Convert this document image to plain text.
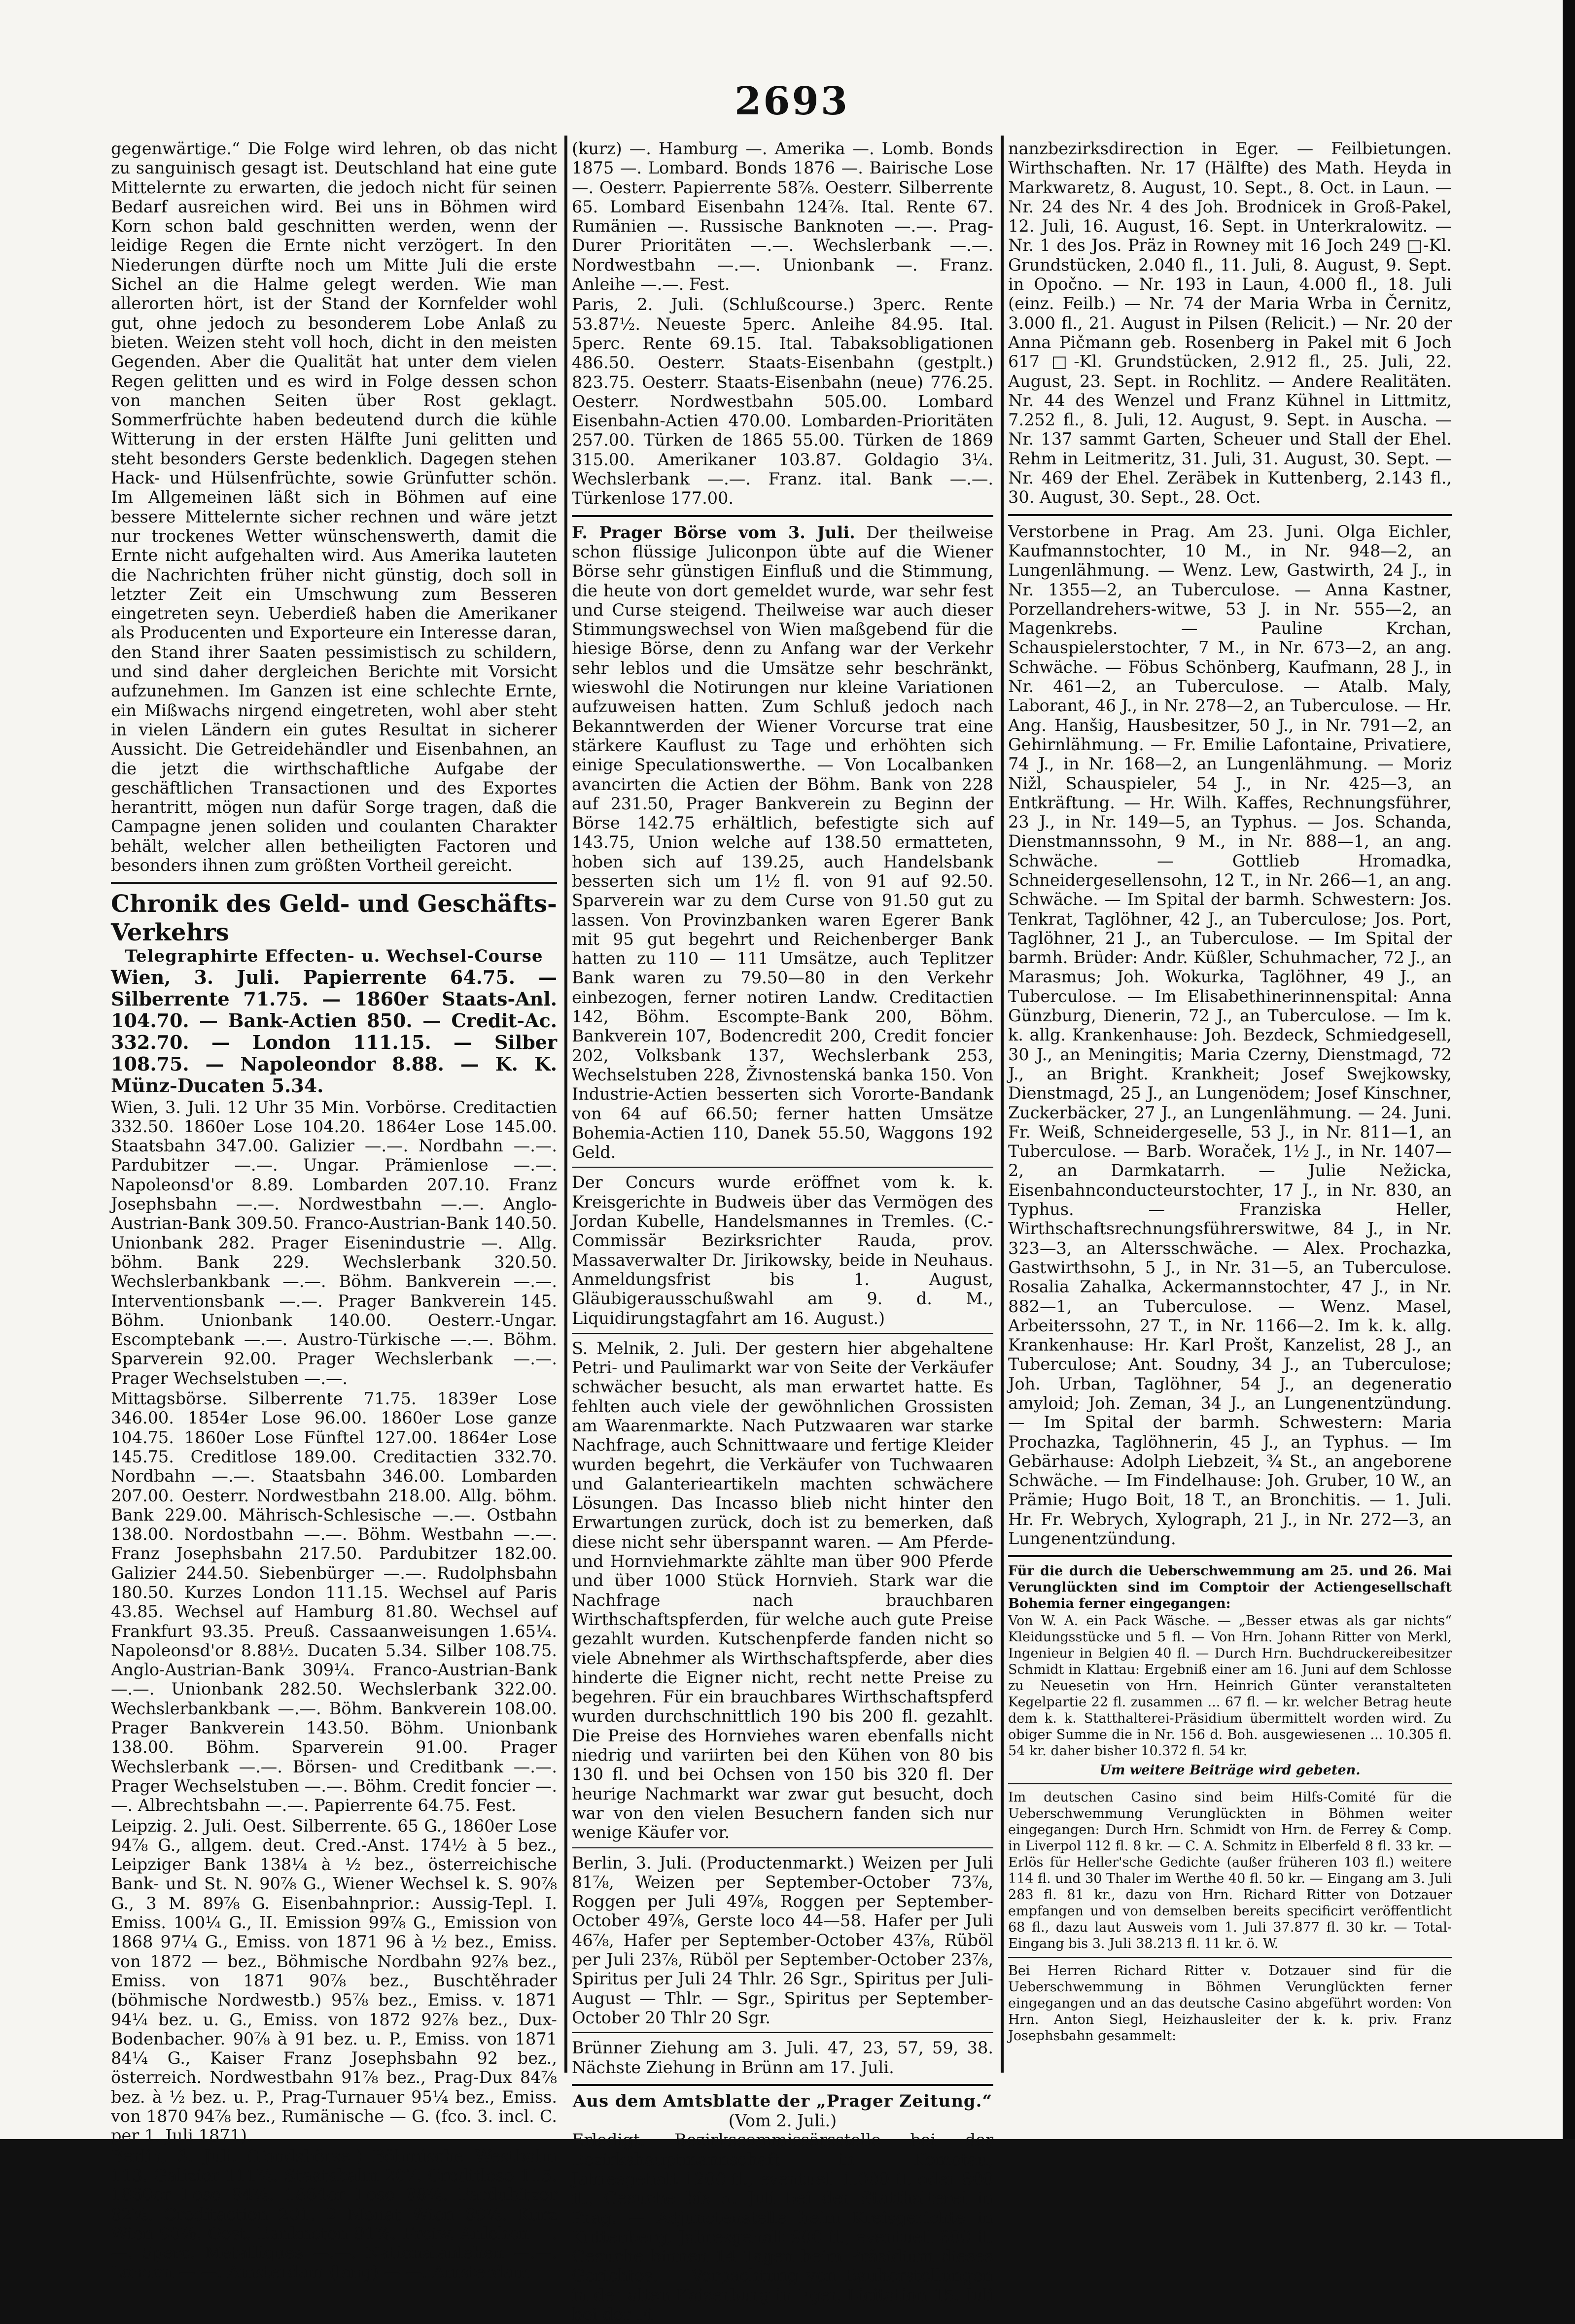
2693

gegenwärtige.“ Die Folge wird lehren, ob das nicht zu sanguinisch gesagt ist. Deutschland hat eine gute Mittelernte zu erwarten, die jedoch nicht für seinen Bedarf ausreichen wird. Bei uns in Böhmen wird Korn schon bald geschnitten werden, wenn der leidige Regen die Ernte nicht verzögert. In den Niederungen dürfte noch um Mitte Juli die erste Sichel an die Halme gelegt werden. Wie man allerorten hört, ist der Stand der Kornfelder wohl gut, ohne jedoch zu besonderem Lobe Anlaß zu bieten. Weizen steht voll hoch, dicht in den meisten Gegenden. Aber die Qualität hat unter dem vielen Regen gelitten und es wird in Folge dessen schon von manchen Seiten über Rost geklagt. Sommerfrüchte haben bedeutend durch die kühle Witterung in der ersten Hälfte Juni gelitten und steht besonders Gerste bedenklich. Dagegen stehen Hack- und Hülsenfrüchte, sowie Grünfutter schön. Im Allgemeinen läßt sich in Böhmen auf eine bessere Mittelernte sicher rechnen und wäre jetzt nur trockenes Wetter wünschenswerth, damit die Ernte nicht aufgehalten wird. Aus Amerika lauteten die Nachrichten früher nicht günstig, doch soll in letzter Zeit ein Umschwung zum Besseren eingetreten seyn. Ueberdieß haben die Amerikaner als Producenten und Exporteure ein Interesse daran, den Stand ihrer Saaten pessimistisch zu schildern, und sind daher dergleichen Berichte mit Vorsicht aufzunehmen. Im Ganzen ist eine schlechte Ernte, ein Mißwachs nirgend eingetreten, wohl aber steht in vielen Ländern ein gutes Resultat in sicherer Aussicht. Die Getreidehändler und Eisenbahnen, an die jetzt die wirthschaftliche Aufgabe der geschäftlichen Transactionen und des Exportes herantritt, mögen nun dafür Sorge tragen, daß die Campagne jenen soliden und coulanten Charakter behält, welcher allen betheiligten Factoren und besonders ihnen zum größten Vortheil gereicht.

Chronik des Geld- und Geschäfts-Verkehrs
Telegraphirte Effecten- u. Wechsel-Course

Wien, 3. Juli. Papierrente 64.75. — Silberrente 71.75. — 1860er Staats-Anl. 104.70. — Bank-Actien 850. — Credit-Ac. 332.70. — London 111.15. — Silber 108.75. — Napoleondor 8.88. — K. K. Münz-Ducaten 5.34.

Wien, 3. Juli. 12 Uhr 35 Min. Vorbörse. Creditactien 332.50. 1860er Lose 104.20. 1864er Lose 145.00. Staatsbahn 347.00. Galizier —.—. Nordbahn —.—. Pardubitzer —.—. Ungar. Prämienlose —.—. Napoleonsd'or 8.89. Lombarden 207.10. Franz Josephsbahn —.—. Nordwestbahn —.—. Anglo-Austrian-Bank 309.50. Franco-Austrian-Bank 140.50. Unionbank 282. Prager Eisenindustrie —. Allg. böhm. Bank 229. Wechslerbank 320.50. Wechslerbankbank —.—. Böhm. Bankverein —.—. Interventionsbank —.—. Prager Bankverein 145. Böhm. Unionbank 140.00. Oesterr.-Ungar. Escomptebank —.—. Austro-Türkische —.—. Böhm. Sparverein 92.00. Prager Wechslerbank —.—. Prager Wechselstuben —.—.

Mittagsbörse. Silberrente 71.75. 1839er Lose 346.00. 1854er Lose 96.00. 1860er Lose ganze 104.75. 1860er Lose Fünftel 127.00. 1864er Lose 145.75. Creditlose 189.00. Creditactien 332.70. Nordbahn —.—. Staatsbahn 346.00. Lombarden 207.00. Oesterr. Nordwestbahn 218.00. Allg. böhm. Bank 229.00. Mährisch-Schlesische —.—. Ostbahn 138.00. Nordostbahn —.—. Böhm. Westbahn —.—. Franz Josephsbahn 217.50. Pardubitzer 182.00. Galizier 244.50. Siebenbürger —.—. Rudolphsbahn 180.50. Kurzes London 111.15. Wechsel auf Paris 43.85. Wechsel auf Hamburg 81.80. Wechsel auf Frankfurt 93.35. Preuß. Cassaanweisungen 1.65¼. Napoleonsd'or 8.88½. Ducaten 5.34. Silber 108.75. Anglo-Austrian-Bank 309¼. Franco-Austrian-Bank —.—. Unionbank 282.50. Wechslerbank 322.00. Wechslerbankbank —.—. Böhm. Bankverein 108.00. Prager Bankverein 143.50. Böhm. Unionbank 138.00. Böhm. Sparverein 91.00. Prager Wechslerbank —.—. Börsen- und Creditbank —.—. Prager Wechselstuben —.—. Böhm. Credit foncier —.—. Albrechtsbahn —.—. Papierrente 64.75. Fest.

Leipzig. 2. Juli. Oest. Silberrente. 65 G., 1860er Lose 94⅞ G., allgem. deut. Cred.-Anst. 174½ à 5 bez., Leipziger Bank 138¼ à ½ bez., österreichische Bank- und St. N. 90⅞ G., Wiener Wechsel k. S. 90⅞ G., 3 M. 89⅞ G. Eisenbahnprior.: Aussig-Tepl. I. Emiss. 100¼ G., II. Emission 99⅞ G., Emission von 1868 97¼ G., Emiss. von 1871 96 à ½ bez., Emiss. von 1872 — bez., Böhmische Nordbahn 92⅞ bez., Emiss. von 1871 90⅞ bez., Buschtěhrader (böhmische Nordwestb.) 95⅞ bez., Emiss. v. 1871 94¼ bez. u. G., Emiss. von 1872 92⅞ bez., Dux-Bodenbacher. 90⅞ à 91 bez. u. P., Emiss. von 1871 84¼ G., Kaiser Franz Josephsbahn 92 bez., österreich. Nordwestbahn 91⅞ bez., Prag-Dux 84⅞ bez. à ½ bez. u. P., Prag-Turnauer 95¼ bez., Emiss. von 1870 94⅞ bez., Rumänische — G. (fco. 3. incl. C. per 1. Juli 1871).

Berlin, 3. Juli. (Fondsbörse.) Böhmische Westbahn 113. Galizier 111⅞. Staatsbahn 207. Creditlose 115. 1860er Lose 94⅞. 1864er Lose 88⅞. Pardubitzer 82⅞. Creditactien 201. 2 Monat Wien 89⅞. Kurz Wien 90⅞. Oest. Banknoten 91⅞. Freiw. Anlehen —.—. 5perc. Metalliques —.—. Nationalanlehen —.—. London —.—. Amsterdam (lang) —.—. Amsterdam

(kurz) —. Hamburg —. Amerika —. Lomb. Bonds 1875 —. Lombard. Bonds 1876 —. Bairische Lose —. Oesterr. Papierrente 58⅞. Oesterr. Silberrente 65. Lombard Eisenbahn 124⅞. Ital. Rente 67. Rumänien —. Russische Banknoten —.—. Prag-Durer Prioritäten —.—. Wechslerbank —.—. Nordwestbahn —.—. Unionbank —. Franz. Anleihe —.—. Fest.

Paris, 2. Juli. (Schlußcourse.) 3perc. Rente 53.87½. Neueste 5perc. Anleihe 84.95. Ital. 5perc. Rente 69.15. Ital. Tabaksobligationen 486.50. Oesterr. Staats-Eisenbahn (gestplt.) 823.75. Oesterr. Staats-Eisenbahn (neue) 776.25. Oesterr. Nordwestbahn 505.00. Lombard Eisenbahn-Actien 470.00. Lombarden-Prioritäten 257.00. Türken de 1865 55.00. Türken de 1869 315.00. Amerikaner 103.87. Goldagio 3¼. Wechslerbank —.—. Franz. ital. Bank —.—. Türkenlose 177.00.

F. Prager Börse vom 3. Juli. Der theilweise schon flüssige Juliconpon übte auf die Wiener Börse sehr günstigen Einfluß und die Stimmung, die heute von dort gemeldet wurde, war sehr fest und Curse steigend. Theilweise war auch dieser Stimmungswechsel von Wien maßgebend für die hiesige Börse, denn zu Anfang war der Verkehr sehr leblos und die Umsätze sehr beschränkt, wieswohl die Notirungen nur kleine Variationen aufzuweisen hatten. Zum Schluß jedoch nach Bekanntwerden der Wiener Vorcurse trat eine stärkere Kauflust zu Tage und erhöhten sich einige Speculationswerthe. — Von Localbanken avancirten die Actien der Böhm. Bank von 228 auf 231.50, Prager Bankverein zu Beginn der Börse 142.75 erhältlich, befestigte sich auf 143.75, Union welche auf 138.50 ermatteten, hoben sich auf 139.25, auch Handelsbank besserten sich um 1½ fl. von 91 auf 92.50. Sparverein war zu dem Curse von 91.50 gut zu lassen. Von Provinzbanken waren Egerer Bank mit 95 gut begehrt und Reichenberger Bank hatten zu 110 — 111 Umsätze, auch Teplitzer Bank waren zu 79.50—80 in den Verkehr einbezogen, ferner notiren Landw. Creditactien 142, Böhm. Escompte-Bank 200, Böhm. Bankverein 107, Bodencredit 200, Credit foncier 202, Volksbank 137, Wechslerbank 253, Wechselstuben 228, Živnostenská banka 150. Von Industrie-Actien besserten sich Vororte-Bandank von 64 auf 66.50; ferner hatten Umsätze Bohemia-Actien 110, Danek 55.50, Waggons 192 Geld.

Der Concurs wurde eröffnet vom k. k. Kreisgerichte in Budweis über das Vermögen des Jordan Kubelle, Handelsmannes in Tremles. (C.-Commissär Bezirksrichter Rauda, prov. Massaverwalter Dr. Jirikowsky, beide in Neuhaus. Anmeldungsfrist bis 1. August, Gläubigerausschußwahl am 9. d. M., Liquidirungstagfahrt am 16. August.)

S. Melnik, 2. Juli. Der gestern hier abgehaltene Petri- und Paulimarkt war von Seite der Verkäufer schwächer besucht, als man erwartet hatte. Es fehlten auch viele der gewöhnlichen Grossisten am Waarenmarkte. Nach Putzwaaren war starke Nachfrage, auch Schnittwaare und fertige Kleider wurden begehrt, die Verkäufer von Tuchwaaren und Galanterieartikeln machten schwächere Lösungen. Das Incasso blieb nicht hinter den Erwartungen zurück, doch ist zu bemerken, daß diese nicht sehr überspannt waren. — Am Pferde- und Hornviehmarkte zählte man über 900 Pferde und über 1000 Stück Hornvieh. Stark war die Nachfrage nach brauchbaren Wirthschaftspferden, für welche auch gute Preise gezahlt wurden. Kutschenpferde fanden nicht so viele Abnehmer als Wirthschaftspferde, aber dies hinderte die Eigner nicht, recht nette Preise zu begehren. Für ein brauchbares Wirthschaftspferd wurden durchschnittlich 190 bis 200 fl. gezahlt. Die Preise des Hornviehes waren ebenfalls nicht niedrig und variirten bei den Kühen von 80 bis 130 fl. und bei Ochsen von 150 bis 320 fl. Der heurige Nachmarkt war zwar gut besucht, doch war von den vielen Besuchern fanden sich nur wenige Käufer vor.

Berlin, 3. Juli. (Productenmarkt.) Weizen per Juli 81⅞, Weizen per September-October 73⅞, Roggen per Juli 49⅞, Roggen per September-October 49⅞, Gerste loco 44—58. Hafer per Juli 46⅞, Hafer per September-October 43⅞, Rüböl per Juli 23⅞, Rüböl per September-October 23⅞, Spiritus per Juli 24 Thlr. 26 Sgr., Spiritus per Juli-August — Thlr. — Sgr., Spiritus per September-October 20 Thlr 20 Sgr.

Brünner Ziehung am 3. Juli. 47, 23, 57, 59, 38. Nächste Ziehung in Brünn am 17. Juli.

Aus dem Amtsblatte der „Prager Zeitung.“
(Vom 2. Juli.)

Erledigt. Bezirkscommissärsstelle bei der Bezirkshauptmannschaft in Komotau, Jahresgehalt 1200 fl., eventuell 1.000 fl. oder 800 fl., Gesuche bis 5. Juli bei der Statthalterei in Prag. — Adjunctenstelle beim Kreisgerichte in Kuttenberg, Jahresgehalt 900 fl., eventuell 800 fl. Gesuche binnen 14 Tagen beim Präsidium dieses Gerichtes. — Verpachtung von Bauherstellungen in der alten Kaiserburg in Eger, Licitation 15. Juli bei der Fi-

nanzbezirksdirection in Eger. — Feilbietungen. Wirthschaften. Nr. 17 (Hälfte) des Math. Heyda in Markwaretz, 8. August, 10. Sept., 8. Oct. in Laun. — Nr. 24 des Nr. 4 des Joh. Brodnicek in Groß-Pakel, 12. Juli, 16. August, 16. Sept. in Unterkralowitz. — Nr. 1 des Jos. Präz in Rowney mit 16 Joch 249 □-Kl. Grundstücken, 2.040 fl., 11. Juli, 8. August, 9. Sept. in Opočno. — Nr. 193 in Laun, 4.000 fl., 18. Juli (einz. Feilb.) — Nr. 74 der Maria Wrba in Černitz, 3.000 fl., 21. August in Pilsen (Relicit.) — Nr. 20 der Anna Pičmann geb. Rosenberg in Pakel mit 6 Joch 617 □-Kl. Grundstücken, 2.912 fl., 25. Juli, 22. August, 23. Sept. in Rochlitz. — Andere Realitäten. Nr. 44 des Wenzel und Franz Kühnel in Littmitz, 7.252 fl., 8. Juli, 12. August, 9. Sept. in Auscha. — Nr. 137 sammt Garten, Scheuer und Stall der Ehel. Rehm in Leitmeritz, 31. Juli, 31. August, 30. Sept. — Nr. 469 der Ehel. Zeräbek in Kuttenberg, 2.143 fl., 30. August, 30. Sept., 28. Oct.

Verstorbene in Prag. Am 23. Juni. Olga Eichler, Kaufmannstochter, 10 M., in Nr. 948—2, an Lungenlähmung. — Wenz. Lew, Gastwirth, 24 J., in Nr. 1355—2, an Tuberculose. — Anna Kastner, Porzellandrehers-witwe, 53 J. in Nr. 555—2, an Magenkrebs. — Pauline Krchan, Schauspielerstochter, 7 M., in Nr. 673—2, an ang. Schwäche. — Föbus Schönberg, Kaufmann, 28 J., in Nr. 461—2, an Tuberculose. — Atalb. Maly, Laborant, 46 J., in Nr. 278—2, an Tuberculose. — Hr. Ang. Hanšig, Hausbesitzer, 50 J., in Nr. 791—2, an Gehirnlähmung. — Fr. Emilie Lafontaine, Privatiere, 74 J., in Nr. 168—2, an Lungenlähmung. — Moriz Nižl, Schauspieler, 54 J., in Nr. 425—3, an Entkräftung. — Hr. Wilh. Kaffes, Rechnungsführer, 23 J., in Nr. 149—5, an Typhus. — Jos. Schanda, Dienstmannssohn, 9 M., in Nr. 888—1, an ang. Schwäche. — Gottlieb Hromadka, Schneidergesellensohn, 12 T., in Nr. 266—1, an ang. Schwäche. — Im Spital der barmh. Schwestern: Jos. Tenkrat, Taglöhner, 42 J., an Tuberculose; Jos. Port, Taglöhner, 21 J., an Tuberculose. — Im Spital der barmh. Brüder: Andr. Küßler, Schuhmacher, 72 J., an Marasmus; Joh. Wokurka, Taglöhner, 49 J., an Tuberculose. — Im Elisabethinerinnenspital: Anna Günzburg, Dienerin, 72 J., an Tuberculose. — Im k. k. allg. Krankenhause: Joh. Bezdeck, Schmiedgesell, 30 J., an Meningitis; Maria Czerny, Dienstmagd, 72 J., an Bright. Krankheit; Josef Swejkowsky, Dienstmagd, 25 J., an Lungenödem; Josef Kinschner, Zuckerbäcker, 27 J., an Lungenlähmung. — 24. Juni. Fr. Weiß, Schneidergeselle, 53 J., in Nr. 811—1, an Tuberculose. — Barb. Woraček, 1½ J., in Nr. 1407—2, an Darmkatarrh. — Julie Nežicka, Eisenbahnconducteurstochter, 17 J., in Nr. 830, an Typhus. — Franziska Heller, Wirthschaftsrechnungsführerswitwe, 84 J., in Nr. 323—3, an Altersschwäche. — Alex. Prochazka, Gastwirthsohn, 5 J., in Nr. 31—5, an Tuberculose. Rosalia Zahalka, Ackermannstochter, 47 J., in Nr. 882—1, an Tuberculose. — Wenz. Masel, Arbeiterssohn, 27 T., in Nr. 1166—2. Im k. k. allg. Krankenhause: Hr. Karl Prošt, Kanzelist, 28 J., an Tuberculose; Ant. Soudny, 34 J., an Tuberculose; Joh. Urban, Taglöhner, 54 J., an degeneratio amyloid; Joh. Zeman, 34 J., an Lungenentzündung. — Im Spital der barmh. Schwestern: Maria Prochazka, Taglöhnerin, 45 J., an Typhus. — Im Gebärhause: Adolph Liebzeit, ¾ St., an angeborene Schwäche. — Im Findelhause: Joh. Gruber, 10 W., an Prämie; Hugo Boit, 18 T., an Bronchitis. — 1. Juli. Hr. Fr. Webrych, Xylograph, 21 J., in Nr. 272—3, an Lungenentzündung.

Für die durch die Ueberschwemmung am 25. und 26. Mai Verunglückten sind im Comptoir der Actiengesellschaft Bohemia ferner eingegangen:

Von W. A. ein Pack Wäsche. — „Besser etwas als gar nichts“ Kleidungsstücke und 5 fl. — Von Hrn. Johann Ritter von Merkl, Ingenieur in Belgien 40 fl. — Durch Hrn. Buchdruckereibesitzer Schmidt in Klattau: Ergebniß einer am 16. Juni auf dem Schlosse zu Neuesetin von Hrn. Heinrich Günter veranstalteten Kegelpartie 22 fl. zusammen ... 67 fl. — kr. welcher Betrag heute dem k. k. Statthalterei-Präsidium übermittelt worden wird. Zu obiger Summe die in Nr. 156 d. Boh. ausgewiesenen ... 10.305 fl. 54 kr. daher bisher 10.372 fl. 54 kr.

Um weitere Beiträge wird gebeten.

Im deutschen Casino sind beim Hilfs-Comité für die Ueberschwemmung Verunglückten in Böhmen weiter eingegangen: Durch Hrn. Schmidt von Hrn. de Ferrey & Comp. in Liverpol 112 fl. 8 kr. — C. A. Schmitz in Elberfeld 8 fl. 33 kr. — Erlös für Heller'sche Gedichte (außer früheren 103 fl.) weitere 114 fl. und 30 Thaler im Werthe 40 fl. 50 kr. — Eingang am 3. Juli 283 fl. 81 kr., dazu von Hrn. Richard Ritter von Dotzauer empfangen und von demselben bereits specificirt veröffentlicht 68 fl., dazu laut Ausweis vom 1. Juli 37.877 fl. 30 kr. — Total-Eingang bis 3. Juli 38.213 fl. 11 kr. ö. W.

Bei Herren Richard Ritter v. Dotzauer sind für die Ueberschwemmung in Böhmen Verunglückten ferner eingegangen und an das deutsche Casino abgeführt worden: Von Hrn. Anton Siegl, Heizhausleiter der k. k. priv. Franz Josephsbahn gesammelt:
